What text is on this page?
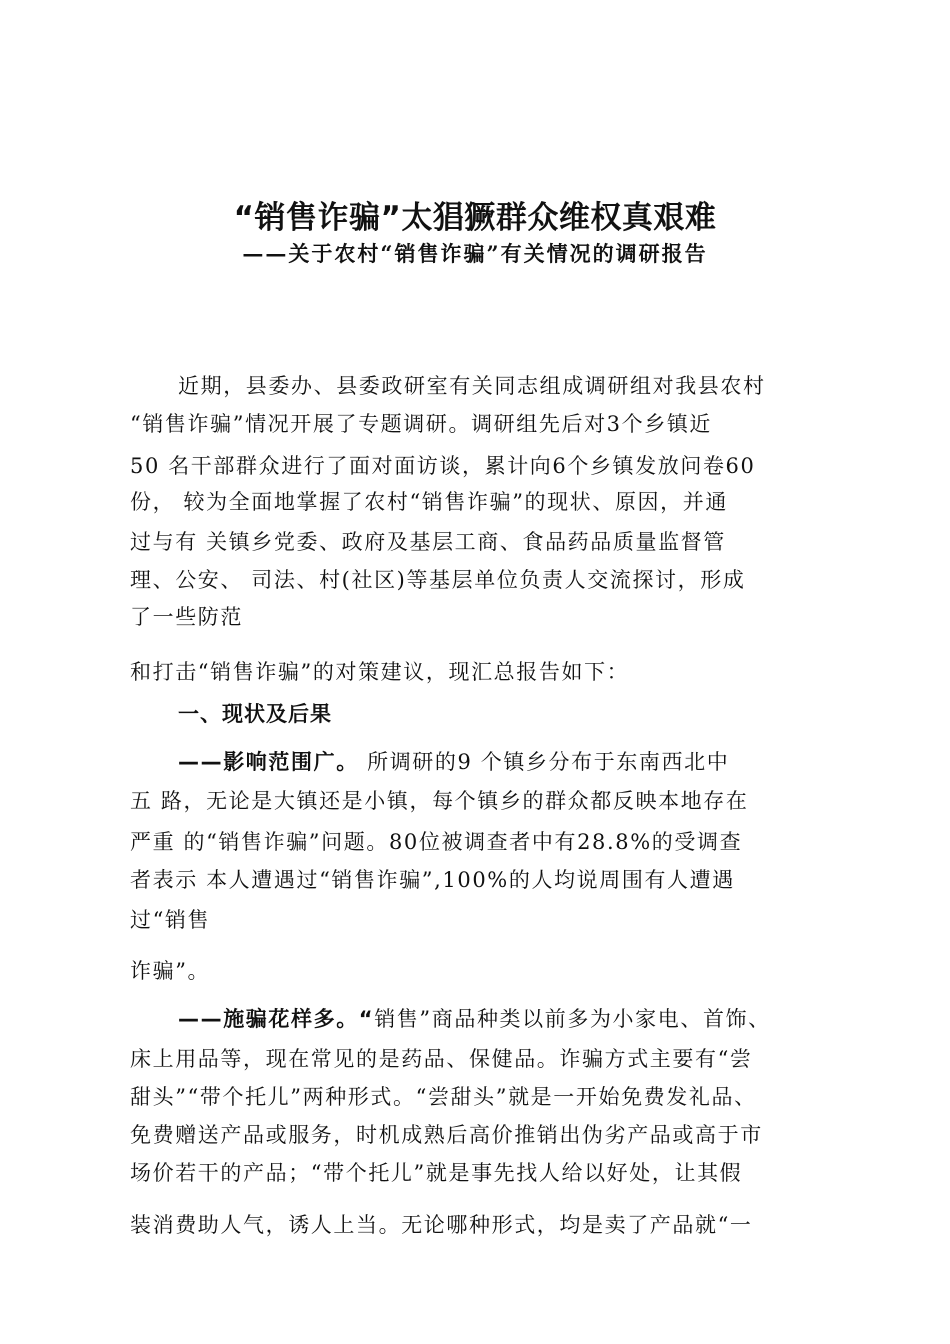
“销售诈骗”太猖獗群众维权真艰难
——关于农村“销售诈骗”有关情况的调研报告

近期，县委办、县委政研室有关同志组成调研组对我县农村

“销售诈骗”情况开展了专题调研。调研组先后对3个乡镇近

50 名干部群众进行了面对面访谈，累计向6个乡镇发放问卷60

份， 较为全面地掌握了农村“销售诈骗”的现状、原因，并通

过与有 关镇乡党委、政府及基层工商、食品药品质量监督管

理、公安、 司法、村(社区)等基层单位负责人交流探讨，形成

了一些防范

和打击“销售诈骗”的对策建议，现汇总报告如下：

一、现状及后果

——影响范围广。 所调研的9 个镇乡分布于东南西北中

五 路，无论是大镇还是小镇，每个镇乡的群众都反映本地存在

严重 的“销售诈骗”问题。80位被调查者中有28.8%的受调查

者表示 本人遭遇过“销售诈骗”,100%的人均说周围有人遭遇

过“销售

诈骗”。

——施骗花样多。“销售”商品种类以前多为小家电、首饰、

床上用品等，现在常见的是药品、保健品。诈骗方式主要有“尝

甜头”“带个托儿”两种形式。“尝甜头”就是一开始免费发礼品、

免费赠送产品或服务，时机成熟后高价推销出伪劣产品或高于市

场价若干的产品；“带个托儿”就是事先找人给以好处，让其假

装消费助人气，诱人上当。无论哪种形式，均是卖了产品就“一
